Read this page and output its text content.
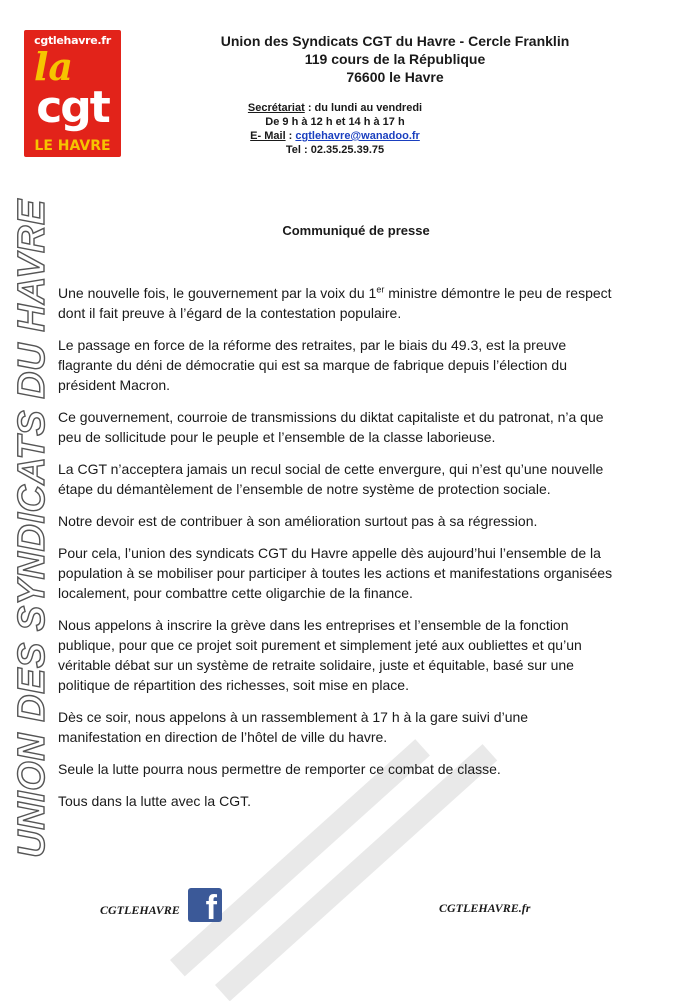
cgtlehavre.fr
la
cgt
LE HAVRE
UNION DES SYNDICATS DU HAVRE
Union des Syndicats CGT du Havre - Cercle Franklin
119 cours de la République
76600 le Havre
Secrétariat : du lundi au vendredi
De 9 h à 12 h et 14 h à 17 h
E- Mail : cgtlehavre@wanadoo.fr
Tel : 02.35.25.39.75
Communiqué de presse

Une nouvelle fois, le gouvernement par la voix du 1er ministre démontre le peu de respect dont il fait preuve à l’égard de la contestation populaire.

Le passage en force de la réforme des retraites, par le biais du 49.3, est la preuve flagrante du déni de démocratie qui est sa marque de fabrique depuis l’élection du président Macron.

Ce gouvernement, courroie de transmissions du diktat capitaliste et du patronat, n’a que peu de sollicitude pour le peuple et l’ensemble de la classe laborieuse.

La CGT n’acceptera jamais un recul social de cette envergure, qui n’est qu’une nouvelle étape du démantèlement de l’ensemble de notre système de protection sociale.

Notre devoir est de contribuer à son amélioration surtout pas à sa régression.

Pour cela, l’union des syndicats CGT du Havre appelle dès aujourd’hui l’ensemble de la population à se mobiliser pour participer à toutes les actions et manifestations organisées localement, pour combattre cette oligarchie de la finance.

Nous appelons à inscrire la grève dans les entreprises et l’ensemble de la fonction publique, pour que ce projet soit purement et simplement jeté aux oubliettes et qu’un véritable débat sur un système de retraite solidaire, juste et équitable, basé sur une politique de répartition des richesses, soit mise en place.

Dès ce soir, nous appelons à un rassemblement à 17 h à la gare suivi d’une manifestation en direction de l’hôtel de ville du havre.

Seule la lutte pourra nous permettre de remporter ce combat de classe.

Tous dans la lutte avec la CGT.

CGTLEHAVRE f	CGTLEHAVRE.fr
